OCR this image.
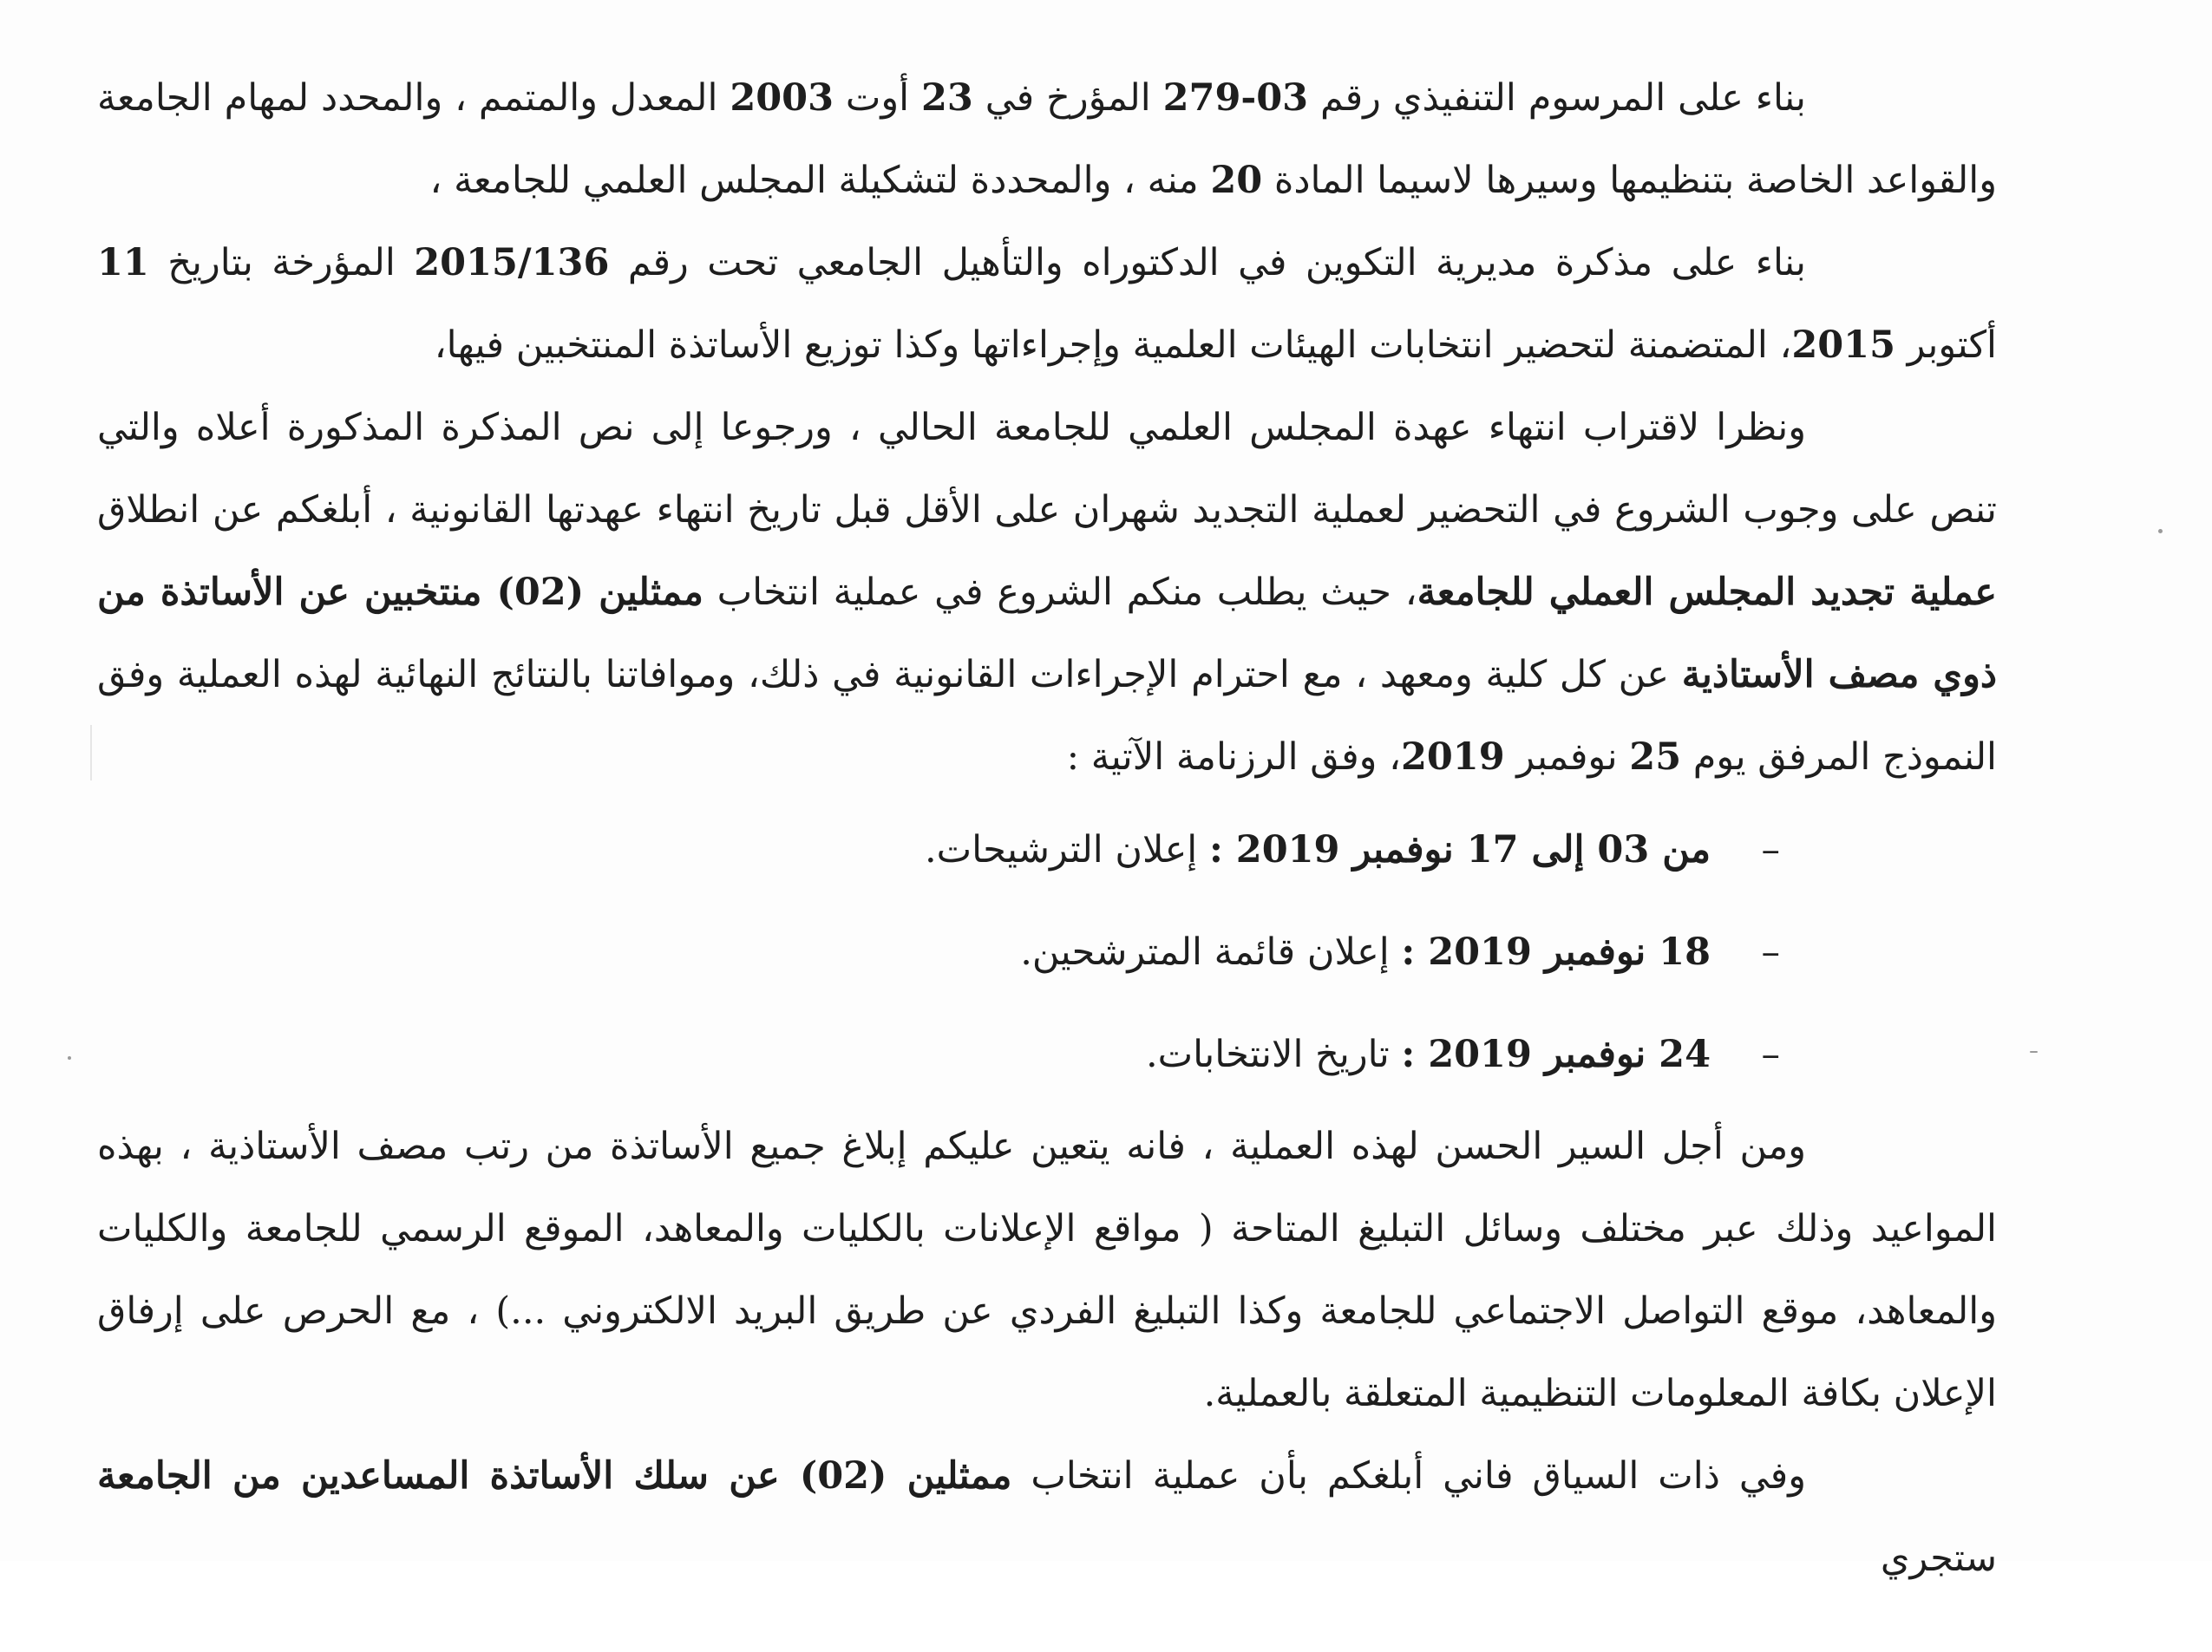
بناء على المرسوم التنفيذي رقم 03-279 المؤرخ في 23 أوت 2003 المعدل والمتمم ، والمحدد لمهام الجامعة والقواعد الخاصة بتنظيمها وسيرها لاسيما المادة 20 منه ، والمحددة لتشكيلة المجلس العلمي للجامعة ،

بناء على مذكرة مديرية التكوين في الدكتوراه والتأهيل الجامعي تحت رقم 2015/136 المؤرخة بتاريخ 11 أكتوبر 2015، المتضمنة لتحضير انتخابات الهيئات العلمية وإجراءاتها وكذا توزيع الأساتذة المنتخبين فيها،

ونظرا لاقتراب انتهاء عهدة المجلس العلمي للجامعة الحالي ، ورجوعا إلى نص المذكرة المذكورة أعلاه والتي تنص على وجوب الشروع في التحضير لعملية التجديد شهران على الأقل قبل تاريخ انتهاء عهدتها القانونية ، أبلغكم عن انطلاق عملية تجديد المجلس العملي للجامعة، حيث يطلب منكم الشروع في عملية انتخاب ممثلين (02) منتخبين عن الأساتذة من ذوي مصف الأستاذية عن كل كلية ومعهد ، مع احترام الإجراءات القانونية في ذلك، وموافاتنا بالنتائج النهائية لهذه العملية وفق النموذج المرفق يوم 25 نوفمبر 2019، وفق الرزنامة الآتية :

–من 03 إلى 17 نوفمبر 2019 : إعلان الترشيحات.
–18 نوفمبر 2019 : إعلان قائمة المترشحين.
–24 نوفمبر 2019 : تاريخ الانتخابات.

ومن أجل السير الحسن لهذه العملية ، فانه يتعين عليكم إبلاغ جميع الأساتذة من رتب مصف الأستاذية ، بهذه المواعيد وذلك عبر مختلف وسائل التبليغ المتاحة ( مواقع الإعلانات بالكليات والمعاهد، الموقع الرسمي للجامعة والكليات والمعاهد، موقع التواصل الاجتماعي للجامعة وكذا التبليغ الفردي عن طريق البريد الالكتروني ...) ، مع الحرص على إرفاق الإعلان بكافة المعلومات التنظيمية المتعلقة بالعملية.

وفي ذات السياق فاني أبلغكم بأن عملية انتخاب ممثلين (02) عن سلك الأساتذة المساعدين من الجامعة ستجري
